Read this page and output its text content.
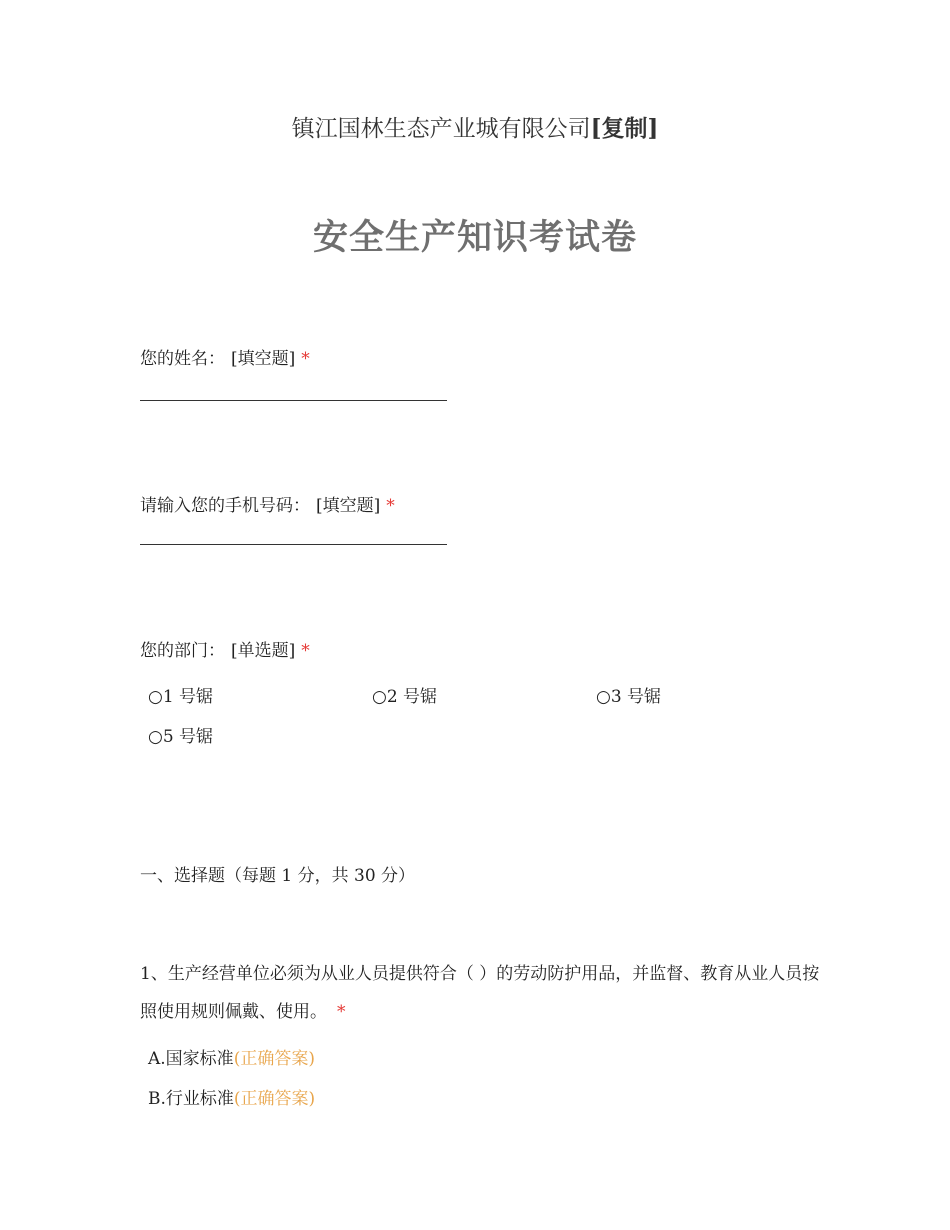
镇江国林生态产业城有限公司[复制]
安全生产知识考试卷
您的姓名： [填空题] *
请输入您的手机号码： [填空题] *
您的部门： [单选题] *
○1 号锯	○2 号锯	○3 号锯
○5 号锯
一、选择题（每题 1 分，共 30 分）
1、生产经营单位必须为从业人员提供符合（ ）的劳动防护用品，并监督、教育从业人员按照使用规则佩戴、使用。 *
A.国家标准(正确答案)
B.行业标准(正确答案)
